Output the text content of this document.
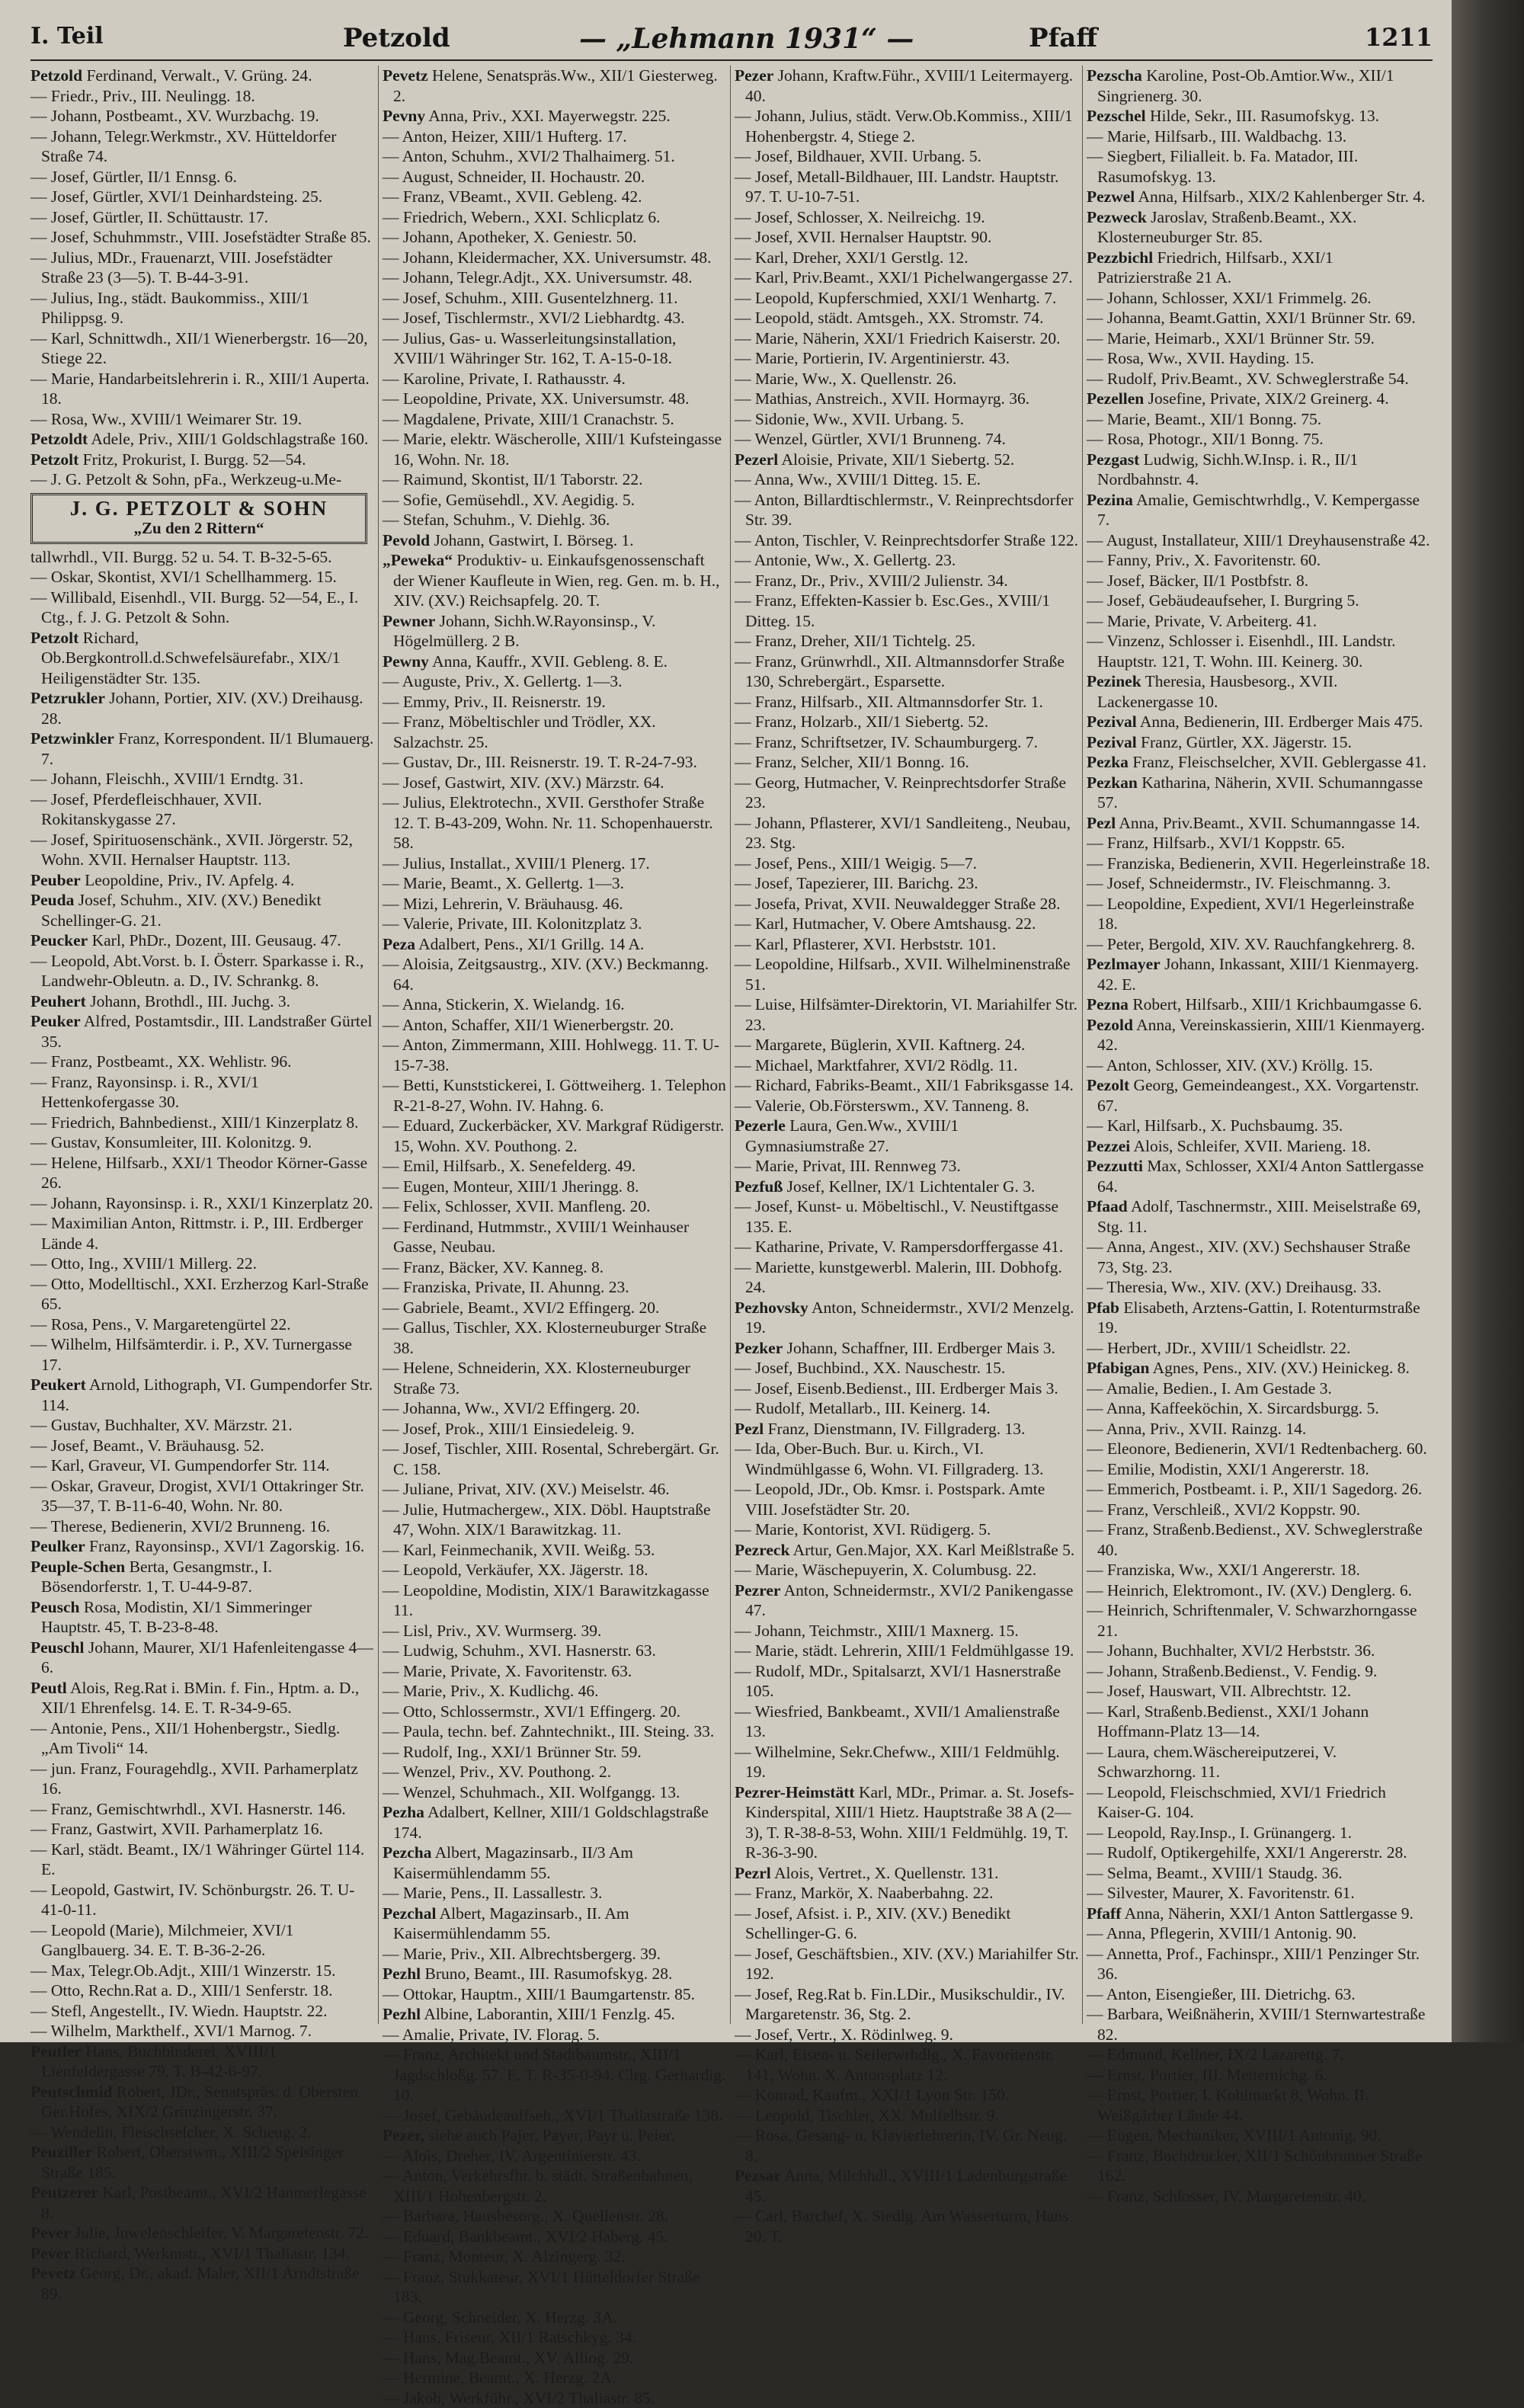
I. Teil	Petzold	— „Lehmann 1931“ —	Pfaff	1211
Petzold Ferdinand, Verwalt., V. Grüng. 24.
— Friedr., Priv., III. Neulingg. 18.
— Johann, Postbeamt., XV. Wurzbachg. 19.
— Johann, Telegr.Werkmstr., XV. Hütteldorfer Straße 74.
— Josef, Gürtler, II/1 Ennsg. 6.
— Josef, Gürtler, XVI/1 Deinhardsteing. 25.
— Josef, Gürtler, II. Schüttaustr. 17.
— Josef, Schuhmmstr., VIII. Josefstädter Straße 85.
— Julius, MDr., Frauenarzt, VIII. Josefstädter Straße 23 (3—5). T. B-44-3-91.
— Julius, Ing., städt. Baukommiss., XIII/1 Philippsg. 9.
— Karl, Schnittwdh., XII/1 Wienerbergstr. 16—20, Stiege 22.
— Marie, Handarbeitslehrerin i. R., XIII/1 Auperta. 18.
— Rosa, Ww., XVIII/1 Weimarer Str. 19.
Petzoldt Adele, Priv., XIII/1 Goldschlagstraße 160.
Petzolt Fritz, Prokurist, I. Burgg. 52—54.
— J. G. Petzolt & Sohn, pFa., Werkzeug-u.Me-
J. G. PETZOLT & SOHN
„Zu den 2 Rittern“
tallwrhdl., VII. Burgg. 52 u. 54. T. B-32-5-65.
— Oskar, Skontist, XVI/1 Schellhammerg. 15.
— Willibald, Eisenhdl., VII. Burgg. 52—54, E., I. Ctg., f. J. G. Petzolt & Sohn.
Petzolt Richard, Ob.Bergkontroll.d.Schwefelsäurefabr., XIX/1 Heiligenstädter Str. 135.
Petzrukler Johann, Portier, XIV. (XV.) Dreihausg. 28.
Petzwinkler Franz, Korrespondent. II/1 Blumauerg. 7.
— Johann, Fleischh., XVIII/1 Erndtg. 31.
— Josef, Pferdefleischhauer, XVII. Rokitanskygasse 27.
— Josef, Spirituosenschänk., XVII. Jörgerstr. 52, Wohn. XVII. Hernalser Hauptstr. 113.
Peuber Leopoldine, Priv., IV. Apfelg. 4.
Peuda Josef, Schuhm., XIV. (XV.) Benedikt Schellinger-G. 21.
Peucker Karl, PhDr., Dozent, III. Geusaug. 47.
— Leopold, Abt.Vorst. b. I. Österr. Sparkasse i. R., Landwehr-Obleutn. a. D., IV. Schrankg. 8.
Peuhert Johann, Brothdl., III. Juchg. 3.
Peuker Alfred, Postamtsdir., III. Landstraßer Gürtel 35.
— Franz, Postbeamt., XX. Wehlistr. 96.
— Franz, Rayonsinsp. i. R., XVI/1 Hettenkofergasse 30.
— Friedrich, Bahnbedienst., XIII/1 Kinzerplatz 8.
— Gustav, Konsumleiter, III. Kolonitzg. 9.
— Helene, Hilfsarb., XXI/1 Theodor Körner-Gasse 26.
— Johann, Rayonsinsp. i. R., XXI/1 Kinzerplatz 20.
— Maximilian Anton, Rittmstr. i. P., III. Erdberger Lände 4.
— Otto, Ing., XVIII/1 Millerg. 22.
— Otto, Modelltischl., XXI. Erzherzog Karl-Straße 65.
— Rosa, Pens., V. Margaretengürtel 22.
— Wilhelm, Hilfsämterdir. i. P., XV. Turnergasse 17.
Peukert Arnold, Lithograph, VI. Gumpendorfer Str. 114.
— Gustav, Buchhalter, XV. Märzstr. 21.
— Josef, Beamt., V. Bräuhausg. 52.
— Karl, Graveur, VI. Gumpendorfer Str. 114.
— Oskar, Graveur, Drogist, XVI/1 Ottakringer Str. 35—37, T. B-11-6-40, Wohn. Nr. 80.
— Therese, Bedienerin, XVI/2 Brunneng. 16.
Peulker Franz, Rayonsinsp., XVI/1 Zagorskig. 16.
Peuple-Schen Berta, Gesangmstr., I. Bösendorferstr. 1, T. U-44-9-87.
Peusch Rosa, Modistin, XI/1 Simmeringer Hauptstr. 45, T. B-23-8-48.
Peuschl Johann, Maurer, XI/1 Hafenleitengasse 4—6.
Peutl Alois, Reg.Rat i. BMin. f. Fin., Hptm. a. D., XII/1 Ehrenfelsg. 14. E. T. R-34-9-65.
— Antonie, Pens., XII/1 Hohenbergstr., Siedlg. „Am Tivoli“ 14.
— jun. Franz, Fouragehdlg., XVII. Parhamerplatz 16.
— Franz, Gemischtwrhdl., XVI. Hasnerstr. 146.
— Franz, Gastwirt, XVII. Parhamerplatz 16.
— Karl, städt. Beamt., IX/1 Währinger Gürtel 114. E.
— Leopold, Gastwirt, IV. Schönburgstr. 26. T. U-41-0-11.
— Leopold (Marie), Milchmeier, XVI/1 Ganglbauerg. 34. E. T. B-36-2-26.
— Max, Telegr.Ob.Adjt., XIII/1 Winzerstr. 15.
— Otto, Rechn.Rat a. D., XIII/1 Senferstr. 18.
— Stefl, Angestellt., IV. Wiedn. Hauptstr. 22.
— Wilhelm, Markthelf., XVI/1 Marnog. 7.
Peutler Hans, Buchbinderei, XVIII/1 Lienfeldergasse 79, T. B-42-6-97.
Peutschmid Robert, JDr., Senatspräs. d. Obersten Ger.Hofes, XIX/2 Grinzingerstr. 37.
— Wendelin, Fleischselcher, X. Scheug. 2.
Peuziller Robert, Oberstwm., XIII/2 Speisinger Straße 185.
Peutzerer Karl, Postbeamt., XVI/2 Hanmerlegasse 8.
Pever Julie, Juwelenschleifer, V. Margaretenstr. 72.
Pever Richard, Werkmstr., XVI/1 Thaliastr. 134.
Pevetz Georg, Dr., akad. Maler, XII/1 Arndtstraße 89.
Pevetz Helene, Senatspräs.Ww., XII/1 Giesterweg. 2.
Pevny Anna, Priv., XXI. Mayerwegstr. 225.
— Anton, Heizer, XIII/1 Hufterg. 17.
— Anton, Schuhm., XVI/2 Thalhaimerg. 51.
— August, Schneider, II. Hochaustr. 20.
— Franz, VBeamt., XVII. Gebleng. 42.
— Friedrich, Webern., XXI. Schlicplatz 6.
— Johann, Apotheker, X. Geniestr. 50.
— Johann, Kleidermacher, XX. Universumstr. 48.
— Johann, Telegr.Adjt., XX. Universumstr. 48.
— Josef, Schuhm., XIII. Gusentelzhnerg. 11.
— Josef, Tischlermstr., XVI/2 Liebhardtg. 43.
— Julius, Gas- u. Wasserleitungsinstallation, XVIII/1 Währinger Str. 162, T. A-15-0-18.
— Karoline, Private, I. Rathausstr. 4.
— Leopoldine, Private, XX. Universumstr. 48.
— Magdalene, Private, XIII/1 Cranachstr. 5.
— Marie, elektr. Wäscherolle, XIII/1 Kufsteingasse 16, Wohn. Nr. 18.
— Raimund, Skontist, II/1 Taborstr. 22.
— Sofie, Gemüsehdl., XV. Aegidig. 5.
— Stefan, Schuhm., V. Diehlg. 36.
Pevold Johann, Gastwirt, I. Börseg. 1.
„Peweka“ Produktiv- u. Einkaufsgenossenschaft der Wiener Kaufleute in Wien, reg. Gen. m. b. H., XIV. (XV.) Reichsapfelg. 20. T.
Pewner Johann, Sichh.W.Rayonsinsp., V. Högelmüllerg. 2 B.
Pewny Anna, Kauffr., XVII. Gebleng. 8. E.
— Auguste, Priv., X. Gellertg. 1—3.
— Emmy, Priv., II. Reisnerstr. 19.
— Franz, Möbeltischler und Trödler, XX. Salzachstr. 25.
— Gustav, Dr., III. Reisnerstr. 19. T. R-24-7-93.
— Josef, Gastwirt, XIV. (XV.) Märzstr. 64.
— Julius, Elektrotechn., XVII. Gersthofer Straße 12. T. B-43-209, Wohn. Nr. 11. Schopenhauerstr. 58.
— Julius, Installat., XVIII/1 Plenerg. 17.
— Marie, Beamt., X. Gellertg. 1—3.
— Mizi, Lehrerin, V. Bräuhausg. 46.
— Valerie, Private, III. Kolonitzplatz 3.
Peza Adalbert, Pens., XI/1 Grillg. 14 A.
— Aloisia, Zeitgsaustrg., XIV. (XV.) Beckmanng. 64.
— Anna, Stickerin, X. Wielandg. 16.
— Anton, Schaffer, XII/1 Wienerbergstr. 20.
— Anton, Zimmermann, XIII. Hohlwegg. 11. T. U-15-7-38.
— Betti, Kunststickerei, I. Göttweiherg. 1. Telephon R-21-8-27, Wohn. IV. Hahng. 6.
— Eduard, Zuckerbäcker, XV. Markgraf Rüdigerstr. 15, Wohn. XV. Pouthong. 2.
— Emil, Hilfsarb., X. Senefelderg. 49.
— Eugen, Monteur, XIII/1 Jheringg. 8.
— Felix, Schlosser, XVII. Manfleng. 20.
— Ferdinand, Hutmmstr., XVIII/1 Weinhauser Gasse, Neubau.
— Franz, Bäcker, XV. Kanneg. 8.
— Franziska, Private, II. Ahunng. 23.
— Gabriele, Beamt., XVI/2 Effingerg. 20.
— Gallus, Tischler, XX. Klosterneuburger Straße 38.
— Helene, Schneiderin, XX. Klosterneuburger Straße 73.
— Johanna, Ww., XVI/2 Effingerg. 20.
— Josef, Prok., XIII/1 Einsiedeleig. 9.
— Josef, Tischler, XIII. Rosental, Schrebergärt. Gr. C. 158.
— Juliane, Privat, XIV. (XV.) Meiselstr. 46.
— Julie, Hutmachergew., XIX. Döbl. Hauptstraße 47, Wohn. XIX/1 Barawitzkag. 11.
— Karl, Feinmechanik, XVII. Weißg. 53.
— Leopold, Verkäufer, XX. Jägerstr. 18.
— Leopoldine, Modistin, XIX/1 Barawitzkagasse 11.
— Lisl, Priv., XV. Wurmserg. 39.
— Ludwig, Schuhm., XVI. Hasnerstr. 63.
— Marie, Private, X. Favoritenstr. 63.
— Marie, Priv., X. Kudlichg. 46.
— Otto, Schlossermstr., XVI/1 Effingerg. 20.
— Paula, techn. bef. Zahntechnikt., III. Steing. 33.
— Rudolf, Ing., XXI/1 Brünner Str. 59.
— Wenzel, Priv., XV. Pouthong. 2.
— Wenzel, Schuhmach., XII. Wolfgangg. 13.
Pezha Adalbert, Kellner, XIII/1 Goldschlagstraße 174.
Pezcha Albert, Magazinsarb., II/3 Am Kaisermühlendamm 55.
— Marie, Pens., II. Lassallestr. 3.
Pezchal Albert, Magazinsarb., II. Am Kaisermühlendamm 55.
— Marie, Priv., XII. Albrechtsbergerg. 39.
Pezhl Bruno, Beamt., III. Rasumofskyg. 28.
— Ottokar, Hauptm., XIII/1 Baumgartenstr. 85.
Pezhl Albine, Laborantin, XIII/1 Fenzlg. 45.
— Amalie, Private, IV. Florag. 5.
— Franz, Architekt und Stadtbaumstr., XIII/1 Jagdschloßg. 57. E. T. R-35-0-94. Clrg. Gerhardig. 10.
— Josef, Gebäudeauffseh., XVI/1 Thaliastraße 138.
Pezer, siehe auch Pajer, Payer, Payr u. Peier.
— Alois, Dreher, IV. Argentinierstr. 43.
— Anton, Verkehrsfhr. b. städt. Straßenbahnen, XIII/1 Hohenbergstr. 2.
— Barbara, Hausbesorg., X. Quellenstr. 28.
— Eduard, Bankbeamt., XVI/2 Haberg. 45.
— Franz, Monteur, X. Alzingerg. 32.
— Franz, Stukkateur, XVI/1 Hütteldorfer Straße 183.
— Georg, Schneider, X. Herzg. 3A.
— Hans, Friseur, XII/1 Ratschkyg. 34.
— Hans, Mag.Beamt., XV. Alliog. 29.
— Hermine, Beamt., X. Herzg. 2A.
— Jakob, Werkführ., XVI/2 Thaliastr. 85.
Pezer Johann, Kraftw.Führ., XVIII/1 Leitermayerg. 40.
— Johann, Julius, städt. Verw.Ob.Kommiss., XIII/1 Hohenbergstr. 4, Stiege 2.
— Josef, Bildhauer, XVII. Urbang. 5.
— Josef, Metall-Bildhauer, III. Landstr. Hauptstr. 97. T. U-10-7-51.
— Josef, Schlosser, X. Neilreichg. 19.
— Josef, XVII. Hernalser Hauptstr. 90.
— Karl, Dreher, XXI/1 Gerstlg. 12.
— Karl, Priv.Beamt., XXI/1 Pichelwangergasse 27.
— Leopold, Kupferschmied, XXI/1 Wenhartg. 7.
— Leopold, städt. Amtsgeh., XX. Stromstr. 74.
— Marie, Näherin, XXI/1 Friedrich Kaiserstr. 20.
— Marie, Portierin, IV. Argentinierstr. 43.
— Marie, Ww., X. Quellenstr. 26.
— Mathias, Anstreich., XVII. Hormayrg. 36.
— Sidonie, Ww., XVII. Urbang. 5.
— Wenzel, Gürtler, XVI/1 Brunneng. 74.
Pezerl Aloisie, Private, XII/1 Siebertg. 52.
— Anna, Ww., XVIII/1 Ditteg. 15. E.
— Anton, Billardtischlermstr., V. Reinprechtsdorfer Str. 39.
— Anton, Tischler, V. Reinprechtsdorfer Straße 122.
— Antonie, Ww., X. Gellertg. 23.
— Franz, Dr., Priv., XVIII/2 Julienstr. 34.
— Franz, Effekten-Kassier b. Esc.Ges., XVIII/1 Ditteg. 15.
— Franz, Dreher, XII/1 Tichtelg. 25.
— Franz, Grünwrhdl., XII. Altmannsdorfer Straße 130, Schrebergärt., Esparsette.
— Franz, Hilfsarb., XII. Altmannsdorfer Str. 1.
— Franz, Holzarb., XII/1 Siebertg. 52.
— Franz, Schriftsetzer, IV. Schaumburgerg. 7.
— Franz, Selcher, XII/1 Bonng. 16.
— Georg, Hutmacher, V. Reinprechtsdorfer Straße 23.
— Johann, Pflasterer, XVI/1 Sandleiteng., Neubau, 23. Stg.
— Josef, Pens., XIII/1 Weigig. 5—7.
— Josef, Tapezierer, III. Barichg. 23.
— Josefa, Privat, XVII. Neuwaldegger Straße 28.
— Karl, Hutmacher, V. Obere Amtshausg. 22.
— Karl, Pflasterer, XVI. Herbststr. 101.
— Leopoldine, Hilfsarb., XVII. Wilhelminenstraße 51.
— Luise, Hilfsämter-Direktorin, VI. Mariahilfer Str. 23.
— Margarete, Büglerin, XVII. Kaftnerg. 24.
— Michael, Marktfahrer, XVI/2 Rödlg. 11.
— Richard, Fabriks-Beamt., XII/1 Fabriksgasse 14.
— Valerie, Ob.Försterswm., XV. Tanneng. 8.
Pezerle Laura, Gen.Ww., XVIII/1 Gymnasiumstraße 27.
— Marie, Privat, III. Rennweg 73.
Pezfuß Josef, Kellner, IX/1 Lichtentaler G. 3.
— Josef, Kunst- u. Möbeltischl., V. Neustiftgasse 135. E.
— Katharine, Private, V. Rampersdorffergasse 41.
— Mariette, kunstgewerbl. Malerin, III. Dobhofg. 24.
Pezhovsky Anton, Schneidermstr., XVI/2 Menzelg. 19.
Pezker Johann, Schaffner, III. Erdberger Mais 3.
— Josef, Buchbind., XX. Nauschestr. 15.
— Josef, Eisenb.Bedienst., III. Erdberger Mais 3.
— Rudolf, Metallarb., III. Keinerg. 14.
Pezl Franz, Dienstmann, IV. Fillgraderg. 13.
— Ida, Ober-Buch. Bur. u. Kirch., VI. Windmühlgasse 6, Wohn. VI. Fillgraderg. 13.
— Leopold, JDr., Ob. Kmsr. i. Postspark. Amte VIII. Josefstädter Str. 20.
— Marie, Kontorist, XVI. Rüdigerg. 5.
Pezreck Artur, Gen.Major, XX. Karl Meißlstraße 5.
— Marie, Wäschepuyerin, X. Columbusg. 22.
Pezrer Anton, Schneidermstr., XVI/2 Panikengasse 47.
— Johann, Teichmstr., XIII/1 Maxnerg. 15.
— Marie, städt. Lehrerin, XIII/1 Feldmühlgasse 19.
— Rudolf, MDr., Spitalsarzt, XVI/1 Hasnerstraße 105.
— Wiesfried, Bankbeamt., XVII/1 Amalienstraße 13.
— Wilhelmine, Sekr.Chefww., XIII/1 Feldmühlg. 19.
Pezrer-Heimstätt Karl, MDr., Primar. a. St. Josefs-Kinderspital, XIII/1 Hietz. Hauptstraße 38 A (2—3), T. R-38-8-53, Wohn. XIII/1 Feldmühlg. 19, T. R-36-3-90.
Pezrl Alois, Vertret., X. Quellenstr. 131.
— Franz, Markör, X. Naaberbahng. 22.
— Josef, Afsist. i. P., XIV. (XV.) Benedikt Schellinger-G. 6.
— Josef, Geschäftsbien., XIV. (XV.) Mariahilfer Str. 192.
— Josef, Reg.Rat b. Fin.LDir., Musikschuldir., IV. Margaretenstr. 36, Stg. 2.
— Josef, Vertr., X. Rödinlweg. 9.
— Karl, Eisen- u. Seilerwrhdlg., X. Favoritenstr. 141, Wohn. X. Antonsplatz 12.
— Konrad, Kaufm., XXI/1 Lyon Str. 150.
— Leopold, Tischler, XX. Mulfelbstr. 9.
— Rosa, Gesang- u. Klavierlehrerin, IV. Gr. Neug. 8.
Pezsar Anna, Milchhdl., XVIII/1 Ladenburgstraße 45.
— Carl, Barchef, X. Siedlg. Am Wasserturm, Hans 20. T.
Pezscha Karoline, Post-Ob.Amtior.Ww., XII/1 Singrienerg. 30.
Pezschel Hilde, Sekr., III. Rasumofskyg. 13.
— Marie, Hilfsarb., III. Waldbachg. 13.
— Siegbert, Filialleit. b. Fa. Matador, III. Rasumofskyg. 13.
Pezwel Anna, Hilfsarb., XIX/2 Kahlenberger Str. 4.
Pezweck Jaroslav, Straßenb.Beamt., XX. Klosterneuburger Str. 85.
Pezzbichl Friedrich, Hilfsarb., XXI/1 Patrizierstraße 21 A.
— Johann, Schlosser, XXI/1 Frimmelg. 26.
— Johanna, Beamt.Gattin, XXI/1 Brünner Str. 69.
— Marie, Heimarb., XXI/1 Brünner Str. 59.
— Rosa, Ww., XVII. Hayding. 15.
— Rudolf, Priv.Beamt., XV. Schweglerstraße 54.
Pezellen Josefine, Private, XIX/2 Greinerg. 4.
— Marie, Beamt., XII/1 Bonng. 75.
— Rosa, Photogr., XII/1 Bonng. 75.
Pezgast Ludwig, Sichh.W.Insp. i. R., II/1 Nordbahnstr. 4.
Pezina Amalie, Gemischtwrhdlg., V. Kempergasse 7.
— August, Installateur, XIII/1 Dreyhausenstraße 42.
— Fanny, Priv., X. Favoritenstr. 60.
— Josef, Bäcker, II/1 Postbfstr. 8.
— Josef, Gebäudeaufseher, I. Burgring 5.
— Marie, Private, V. Arbeiterg. 41.
— Vinzenz, Schlosser i. Eisenhdl., III. Landstr. Hauptstr. 121, T. Wohn. III. Keinerg. 30.
Pezinek Theresia, Hausbesorg., XVII. Lackenergasse 10.
Pezival Anna, Bedienerin, III. Erdberger Mais 475.
Pezival Franz, Gürtler, XX. Jägerstr. 15.
Pezka Franz, Fleischselcher, XVII. Geblergasse 41.
Pezkan Katharina, Näherin, XVII. Schumanngasse 57.
Pezl Anna, Priv.Beamt., XVII. Schumanngasse 14.
— Franz, Hilfsarb., XVI/1 Koppstr. 65.
— Franziska, Bedienerin, XVII. Hegerleinstraße 18.
— Josef, Schneidermstr., IV. Fleischmanng. 3.
— Leopoldine, Expedient, XVI/1 Hegerleinstraße 18.
— Peter, Bergold, XIV. XV. Rauchfangkehrerg. 8.
Pezlmayer Johann, Inkassant, XIII/1 Kienmayerg. 42. E.
Pezna Robert, Hilfsarb., XIII/1 Krichbaumgasse 6.
Pezold Anna, Vereinskassierin, XIII/1 Kienmayerg. 42.
— Anton, Schlosser, XIV. (XV.) Kröllg. 15.
Pezolt Georg, Gemeindeangest., XX. Vorgartenstr. 67.
— Karl, Hilfsarb., X. Puchsbaumg. 35.
Pezzei Alois, Schleifer, XVII. Marieng. 18.
Pezzutti Max, Schlosser, XXI/4 Anton Sattlergasse 64.
Pfaad Adolf, Taschnermstr., XIII. Meiselstraße 69, Stg. 11.
— Anna, Angest., XIV. (XV.) Sechshauser Straße 73, Stg. 23.
— Theresia, Ww., XIV. (XV.) Dreihausg. 33.
Pfab Elisabeth, Arztens-Gattin, I. Rotenturmstraße 19.
— Herbert, JDr., XVIII/1 Scheidlstr. 22.
Pfabigan Agnes, Pens., XIV. (XV.) Heinickeg. 8.
— Amalie, Bedien., I. Am Gestade 3.
— Anna, Kaffeeköchin, X. Sircardsburgg. 5.
— Anna, Priv., XVII. Rainzg. 14.
— Eleonore, Bedienerin, XVI/1 Redtenbacherg. 60.
— Emilie, Modistin, XXI/1 Angererstr. 18.
— Emmerich, Postbeamt. i. P., XII/1 Sagedorg. 26.
— Franz, Verschleiß., XVI/2 Koppstr. 90.
— Franz, Straßenb.Bedienst., XV. Schweglerstraße 40.
— Franziska, Ww., XXI/1 Angererstr. 18.
— Heinrich, Elektromont., IV. (XV.) Denglerg. 6.
— Heinrich, Schriftenmaler, V. Schwarzhorngasse 21.
— Johann, Buchhalter, XVI/2 Herbststr. 36.
— Johann, Straßenb.Bedienst., V. Fendig. 9.
— Josef, Hauswart, VII. Albrechtstr. 12.
— Karl, Straßenb.Bedienst., XXI/1 Johann Hoffmann-Platz 13—14.
— Laura, chem.Wäschereiputzerei, V. Schwarzhorng. 11.
— Leopold, Fleischschmied, XVI/1 Friedrich Kaiser-G. 104.
— Leopold, Ray.Insp., I. Grünangerg. 1.
— Rudolf, Optikergehilfe, XXI/1 Angererstr. 28.
— Selma, Beamt., XVIII/1 Staudg. 36.
— Silvester, Maurer, X. Favoritenstr. 61.
Pfaff Anna, Näherin, XXI/1 Anton Sattlergasse 9.
— Anna, Pflegerin, XVIII/1 Antonig. 90.
— Annetta, Prof., Fachinspr., XIII/1 Penzinger Str. 36.
— Anton, Eisengießer, III. Dietrichg. 63.
— Barbara, Weißnäherin, XVIII/1 Sternwartestraße 82.
— Edmund, Kellner, IX/2 Lazarettg. 7.
— Ernst, Portier, III. Metternichg. 6.
— Ernst, Portier, I. Kohlmarkt 8, Wohn. II. Weißgärber Lände 44.
— Eugen, Mechaniker, XVIII/1 Antonig. 90.
— Franz, Buchdrucker, XII/1 Schönbrunner Straße 162.
— Franz, Schlosser, IV. Margaretenstr. 40.
